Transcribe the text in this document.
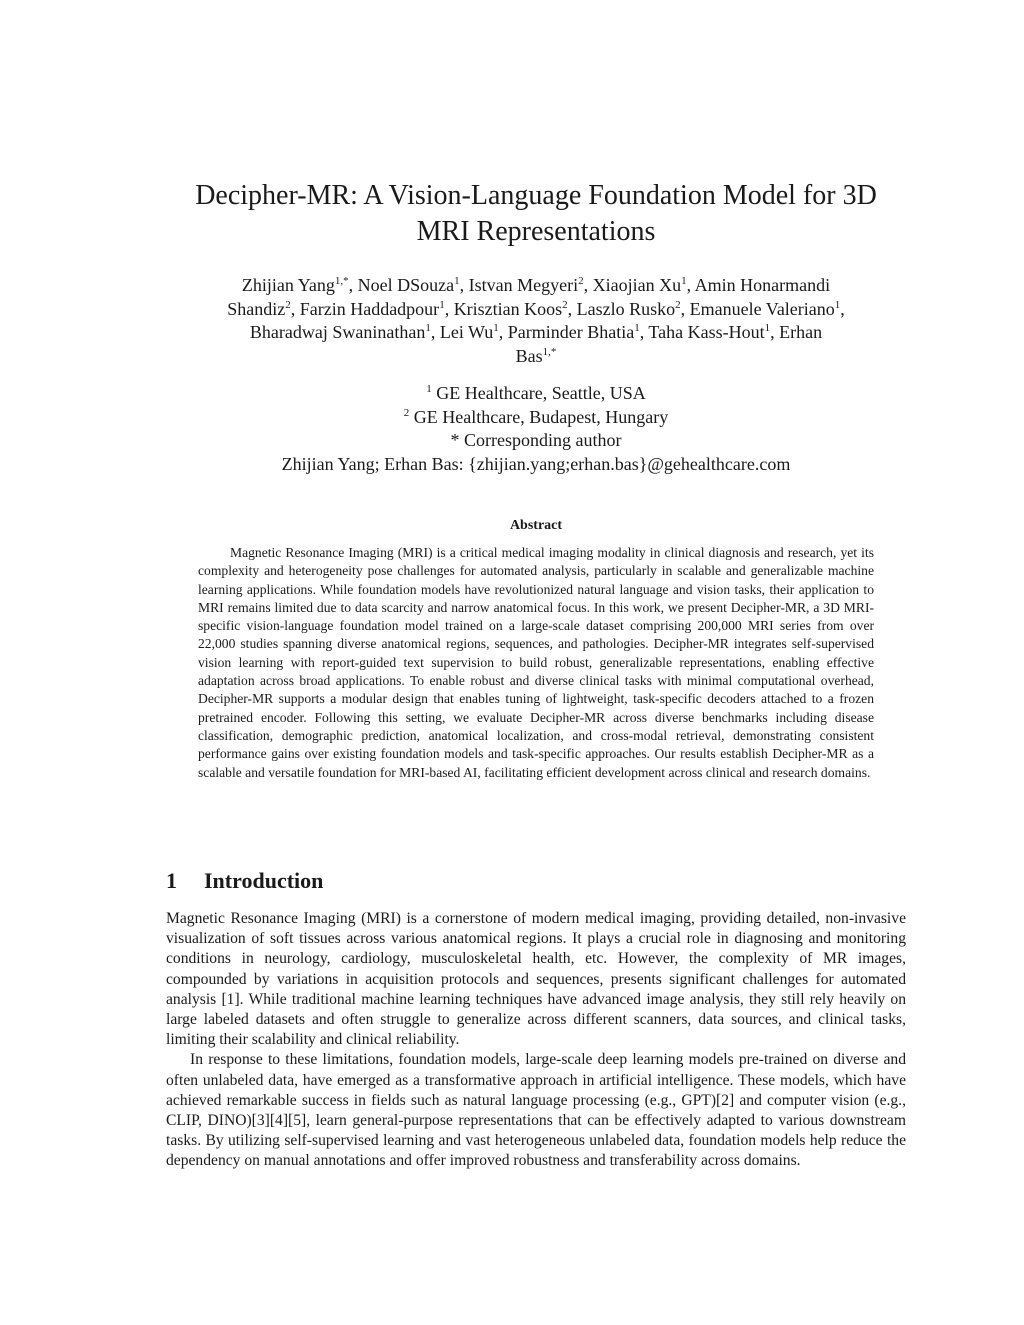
Decipher-MR: A Vision-Language Foundation Model for 3D MRI Representations
Zhijian Yang$^{1,*}$, Noel DSouza$^1$, Istvan Megyeri$^2$, Xiaojian Xu$^1$, Amin Honarmandi
Shandiz$^2$, Farzin Haddadpour$^1$, Krisztian Koos$^2$, Laszlo Rusko$^2$, Emanuele Valeriano$^1$,
Bharadwaj Swaninathan$^1$, Lei Wu$^1$, Parminder Bhatia$^1$, Taha Kass-Hout$^1$, Erhan
Bas$^{1,*}$
$^1$ GE Healthcare, Seattle, USA
$^2$ GE Healthcare, Budapest, Hungary
* Corresponding author
Zhijian Yang; Erhan Bas: {zhijian.yang;erhan.bas}@gehealthcare.com
Abstract

Magnetic Resonance Imaging (MRI) is a critical medical imaging modality in clinical diagnosis and research, yet its complexity and heterogeneity pose challenges for automated analysis, particularly in scalable and generalizable machine learning applications. While foundation models have revolutionized natural language and vision tasks, their application to MRI remains limited due to data scarcity and narrow anatomical focus. In this work, we present Decipher-MR, a 3D MRI-specific vision-language foundation model trained on a large-scale dataset comprising 200,000 MRI series from over 22,000 studies spanning diverse anatomical regions, sequences, and pathologies. Decipher-MR integrates self-supervised vision learning with report-guided text supervision to build robust, generalizable representations, enabling effective adaptation across broad applications. To enable robust and diverse clinical tasks with minimal computational overhead, Decipher-MR supports a modular design that enables tuning of lightweight, task-specific decoders attached to a frozen pretrained encoder. Following this setting, we evaluate Decipher-MR across diverse benchmarks including disease classification, demographic prediction, anatomical localization, and cross-modal retrieval, demonstrating consistent performance gains over existing foundation models and task-specific approaches. Our results establish Decipher-MR as a scalable and versatile foundation for MRI-based AI, facilitating efficient development across clinical and research domains.

1 Introduction

Magnetic Resonance Imaging (MRI) is a cornerstone of modern medical imaging, providing detailed, non-invasive visualization of soft tissues across various anatomical regions. It plays a crucial role in diagnosing and monitoring conditions in neurology, cardiology, musculoskeletal health, etc. However, the complexity of MR images, compounded by variations in acquisition protocols and sequences, presents significant challenges for automated analysis [1]. While traditional machine learning techniques have advanced image analysis, they still rely heavily on large labeled datasets and often struggle to generalize across different scanners, data sources, and clinical tasks, limiting their scalability and clinical reliability.

In response to these limitations, foundation models, large-scale deep learning models pre-trained on diverse and often unlabeled data, have emerged as a transformative approach in artificial intelligence. These models, which have achieved remarkable success in fields such as natural language processing (e.g., GPT)[2] and computer vision (e.g., CLIP, DINO)[3][4][5], learn general-purpose representations that can be effectively adapted to various downstream tasks. By utilizing self-supervised learning and vast heterogeneous unlabeled data, foundation models help reduce the dependency on manual annotations and offer improved robustness and transferability across domains.
